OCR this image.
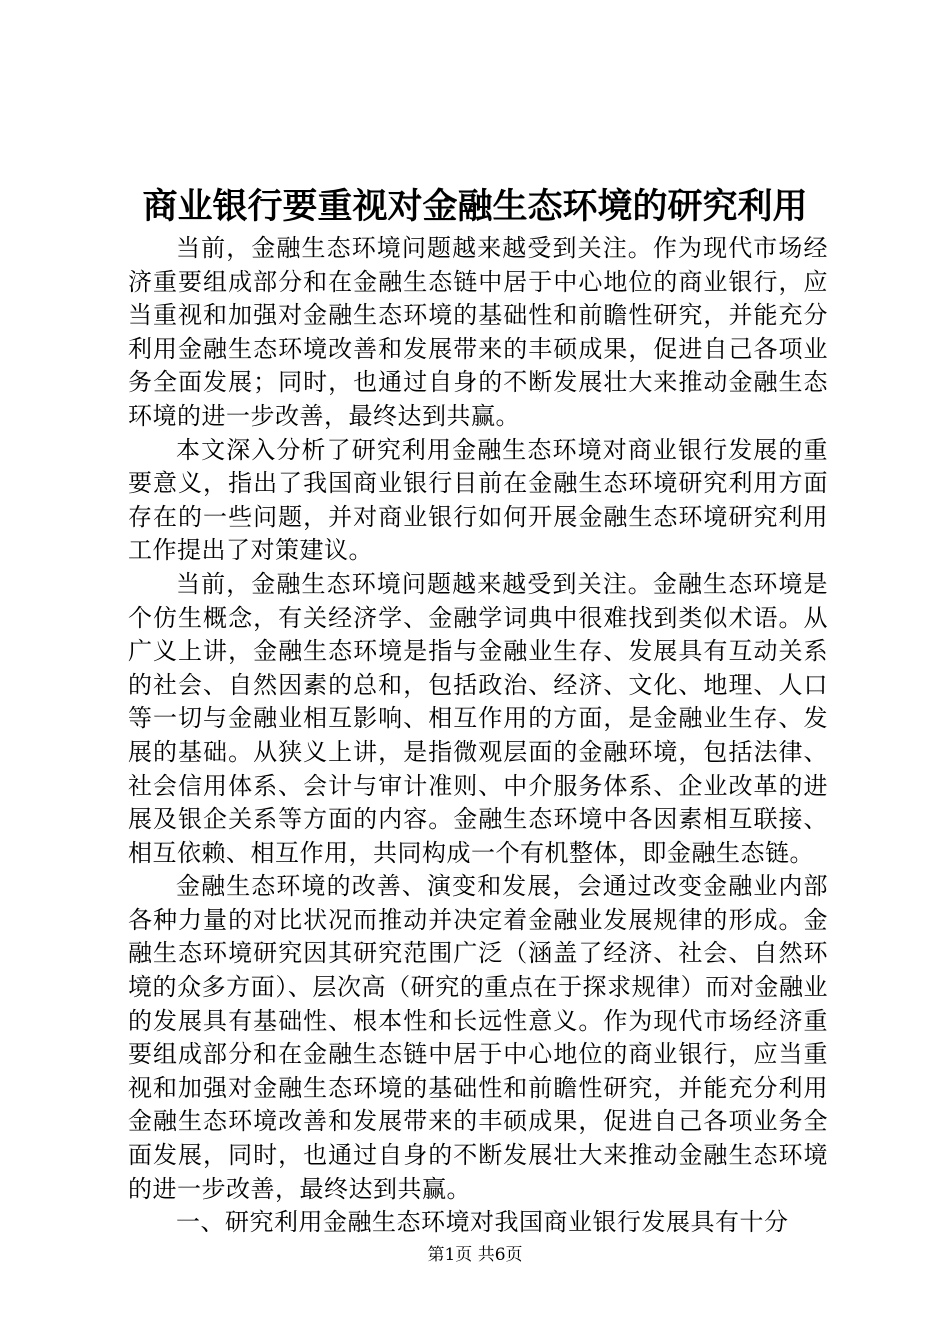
商业银行要重视对金融生态环境的研究利用

当前，金融生态环境问题越来越受到关注。作为现代市场经济重要组成部分和在金融生态链中居于中心地位的商业银行，应当重视和加强对金融生态环境的基础性和前瞻性研究，并能充分利用金融生态环境改善和发展带来的丰硕成果，促进自己各项业务全面发展；同时，也通过自身的不断发展壮大来推动金融生态环境的进一步改善，最终达到共赢。

本文深入分析了研究利用金融生态环境对商业银行发展的重要意义，指出了我国商业银行目前在金融生态环境研究利用方面存在的一些问题，并对商业银行如何开展金融生态环境研究利用工作提出了对策建议。

当前，金融生态环境问题越来越受到关注。金融生态环境是个仿生概念，有关经济学、金融学词典中很难找到类似术语。从广义上讲，金融生态环境是指与金融业生存、发展具有互动关系的社会、自然因素的总和，包括政治、经济、文化、地理、人口等一切与金融业相互影响、相互作用的方面，是金融业生存、发展的基础。从狭义上讲，是指微观层面的金融环境，包括法律、社会信用体系、会计与审计准则、中介服务体系、企业改革的进展及银企关系等方面的内容。金融生态环境中各因素相互联接、相互依赖、相互作用，共同构成一个有机整体，即金融生态链。

金融生态环境的改善、演变和发展，会通过改变金融业内部各种力量的对比状况而推动并决定着金融业发展规律的形成。金融生态环境研究因其研究范围广泛（涵盖了经济、社会、自然环境的众多方面）、层次高（研究的重点在于探求规律）而对金融业的发展具有基础性、根本性和长远性意义。作为现代市场经济重要组成部分和在金融生态链中居于中心地位的商业银行，应当重视和加强对金融生态环境的基础性和前瞻性研究，并能充分利用金融生态环境改善和发展带来的丰硕成果，促进自己各项业务全面发展，同时，也通过自身的不断发展壮大来推动金融生态环境的进一步改善，最终达到共赢。

一、研究利用金融生态环境对我国商业银行发展具有十分

第1页 共6页
